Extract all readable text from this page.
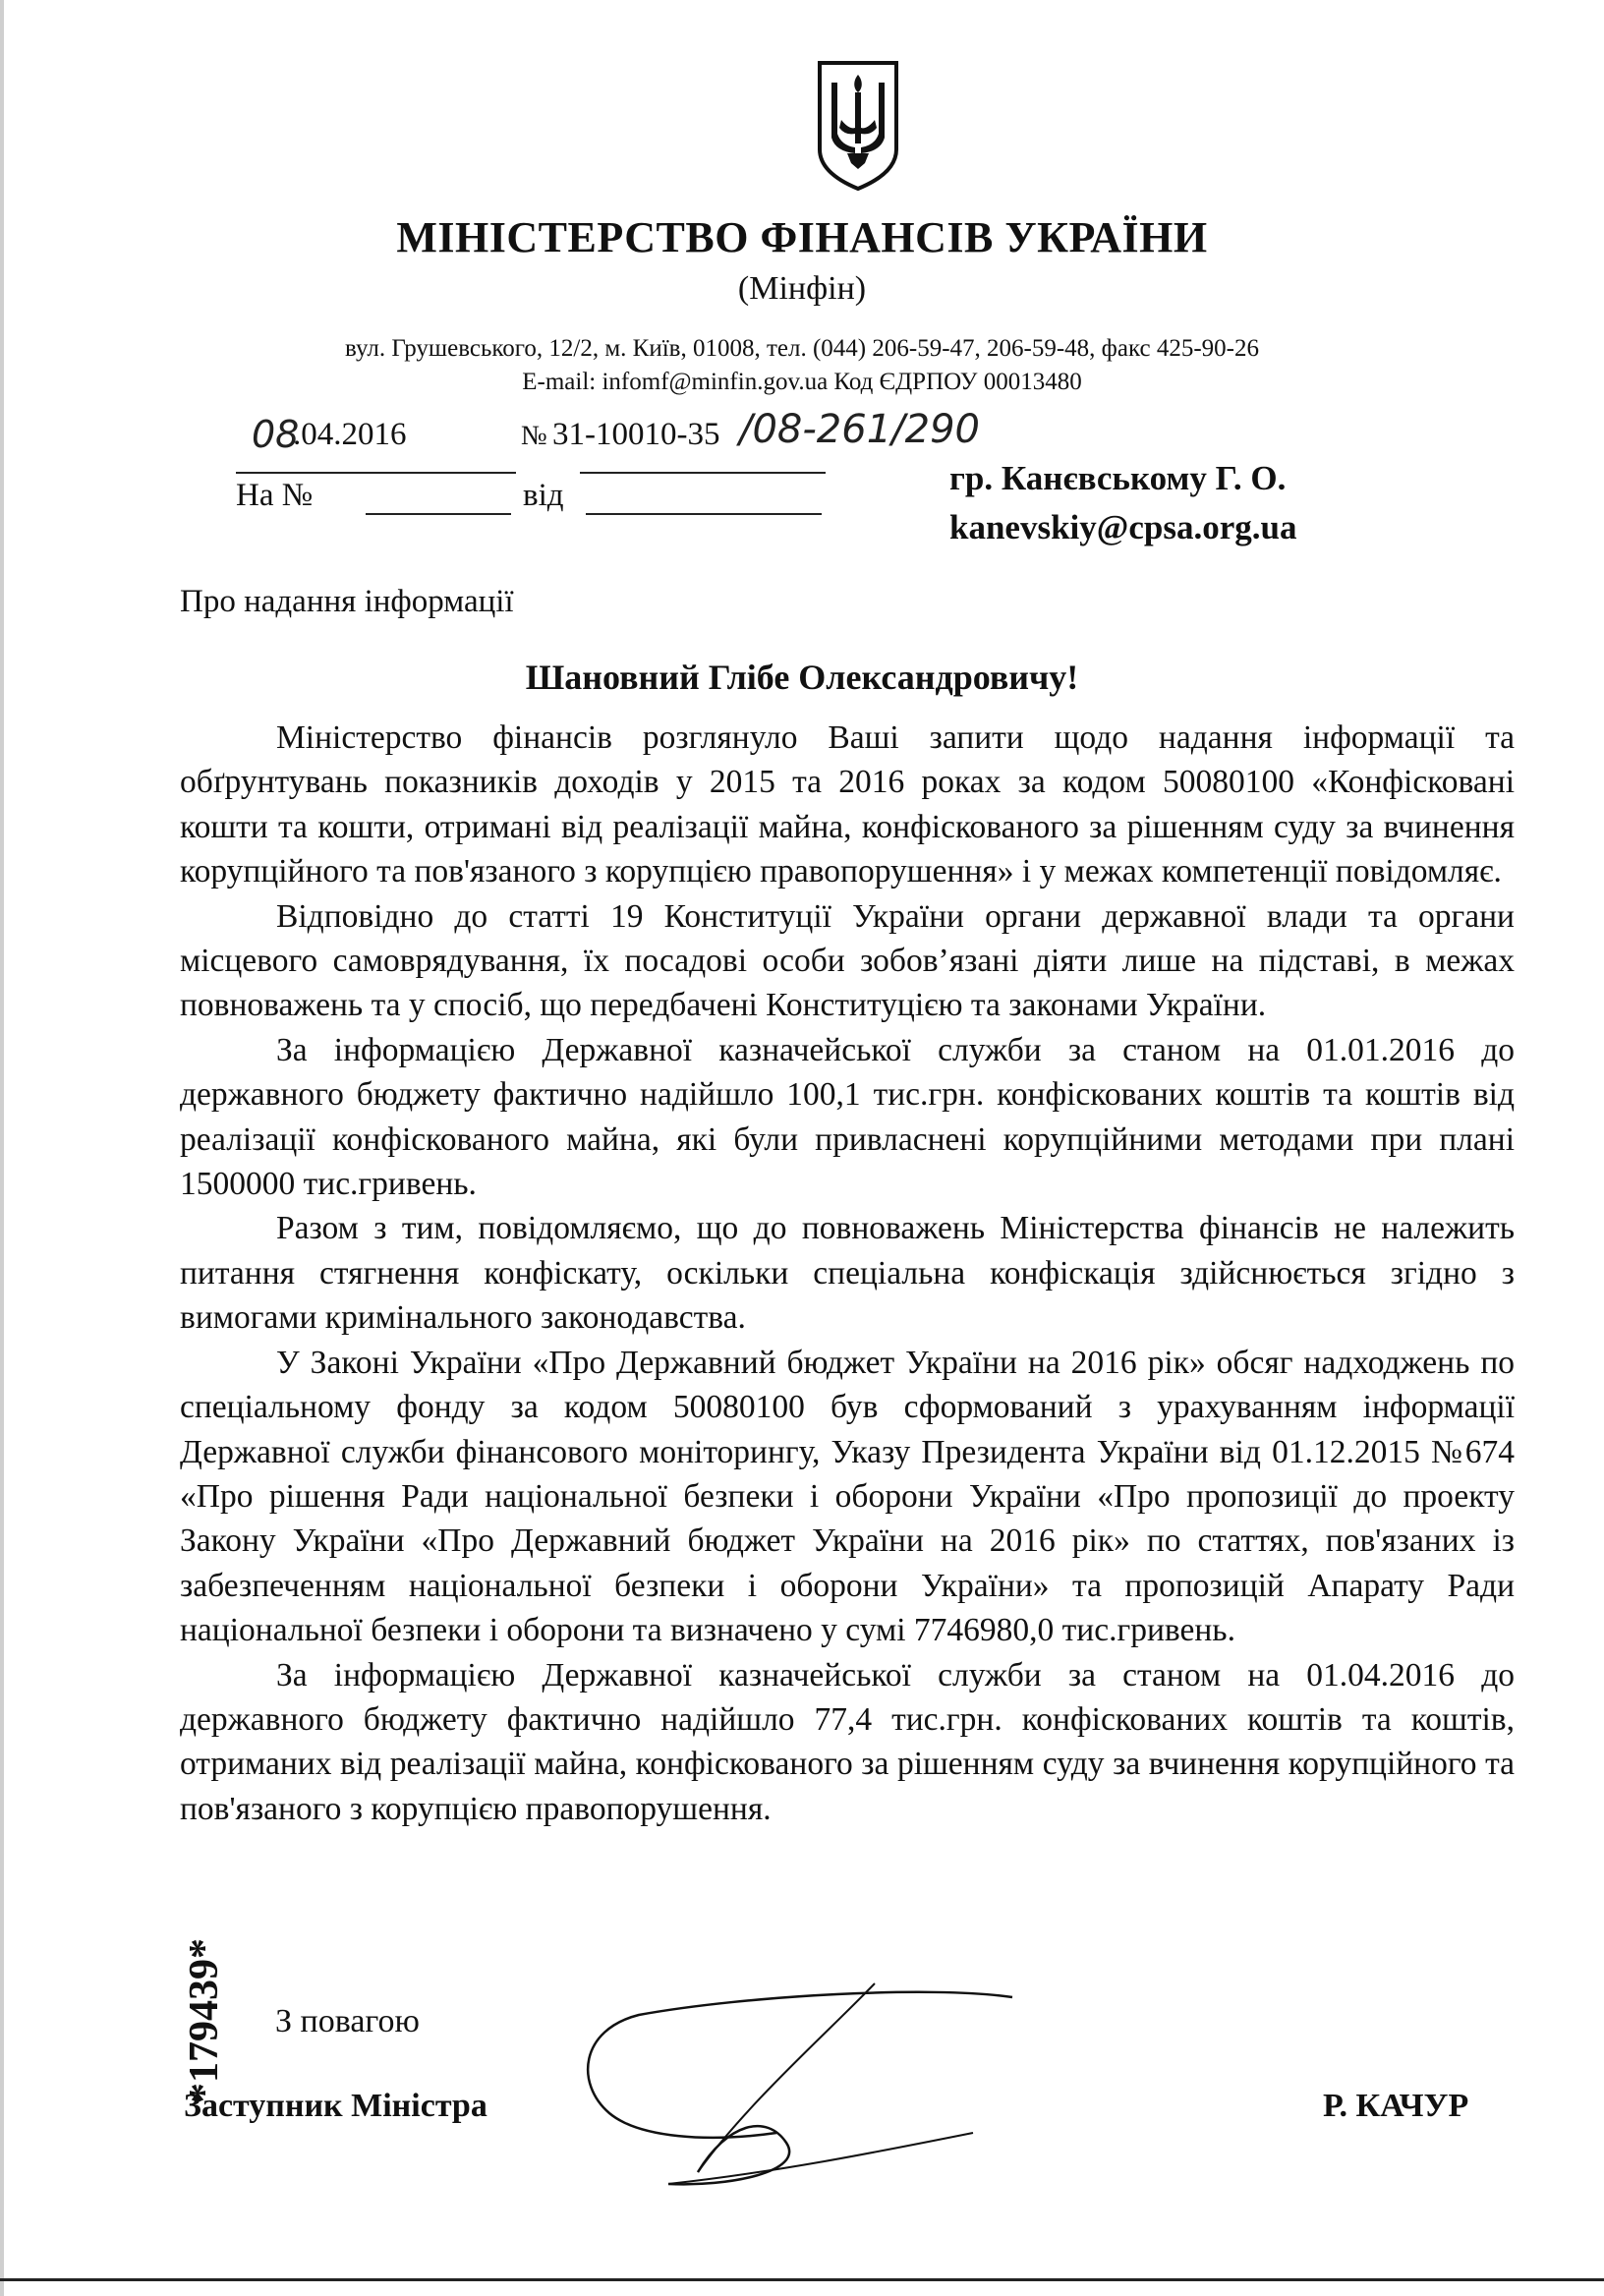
МІНІСТЕРСТВО ФІНАНСІВ УКРАЇНИ
(Мінфін)
вул. Грушевського, 12/2, м. Київ, 01008, тел. (044) 206-59-47, 206-59-48, факс 425-90-26
E-mail: infomf@minfin.gov.ua Код ЄДРПОУ 00013480
08
.04.2016	№ 31-10010-35 /08-261/290
На №	від	гр. Канєвському Г. О.
kanevskiy@cpsa.org.ua
Про надання інформації
Шановний Глібе Олександровичу!

Міністерство фінансів розглянуло Ваші запити щодо надання інформації та обґрунтувань показників доходів у 2015 та 2016 роках за кодом 50080100 «Конфісковані кошти та кошти, отримані від реалізації майна, конфіскованого за рішенням суду за вчинення корупційного та пов'язаного з корупцією правопорушення» і у межах компетенції повідомляє.

Відповідно до статті 19 Конституції України органи державної влади та органи місцевого самоврядування, їх посадові особи зобов’язані діяти лише на підставі, в межах повноважень та у спосіб, що передбачені Конституцією та законами України.

За інформацією Державної казначейської служби за станом на 01.01.2016 до державного бюджету фактично надійшло 100,1 тис.грн. конфіскованих коштів та коштів від реалізації конфіскованого майна, які були привласнені корупційними методами при плані 1500000 тис.гривень.

Разом з тим, повідомляємо, що до повноважень Міністерства фінансів не належить питання стягнення конфіскату, оскільки спеціальна конфіскація здійснюється згідно з вимогами кримінального законодавства.

У Законі України «Про Державний бюджет України на 2016 рік» обсяг надходжень по спеціальному фонду за кодом 50080100 був сформований з урахуванням інформації Державної служби фінансового моніторингу, Указу Президента України від 01.12.2015 №674 «Про рішення Ради національної безпеки і оборони України «Про пропозиції до проекту Закону України «Про Державний бюджет України на 2016 рік» по статтях, пов'язаних із забезпеченням національної безпеки і оборони України» та пропозицій Апарату Ради національної безпеки і оборони та визначено у сумі 7746980,0 тис.гривень.

За інформацією Державної казначейської служби за станом на 01.04.2016 до державного бюджету фактично надійшло 77,4 тис.грн. конфіскованих коштів та коштів, отриманих від реалізації майна, конфіскованого за рішенням суду за вчинення корупційного та пов'язаного з корупцією правопорушення.

З повагою
Заступник Міністра	Р. КАЧУР
*179439*
